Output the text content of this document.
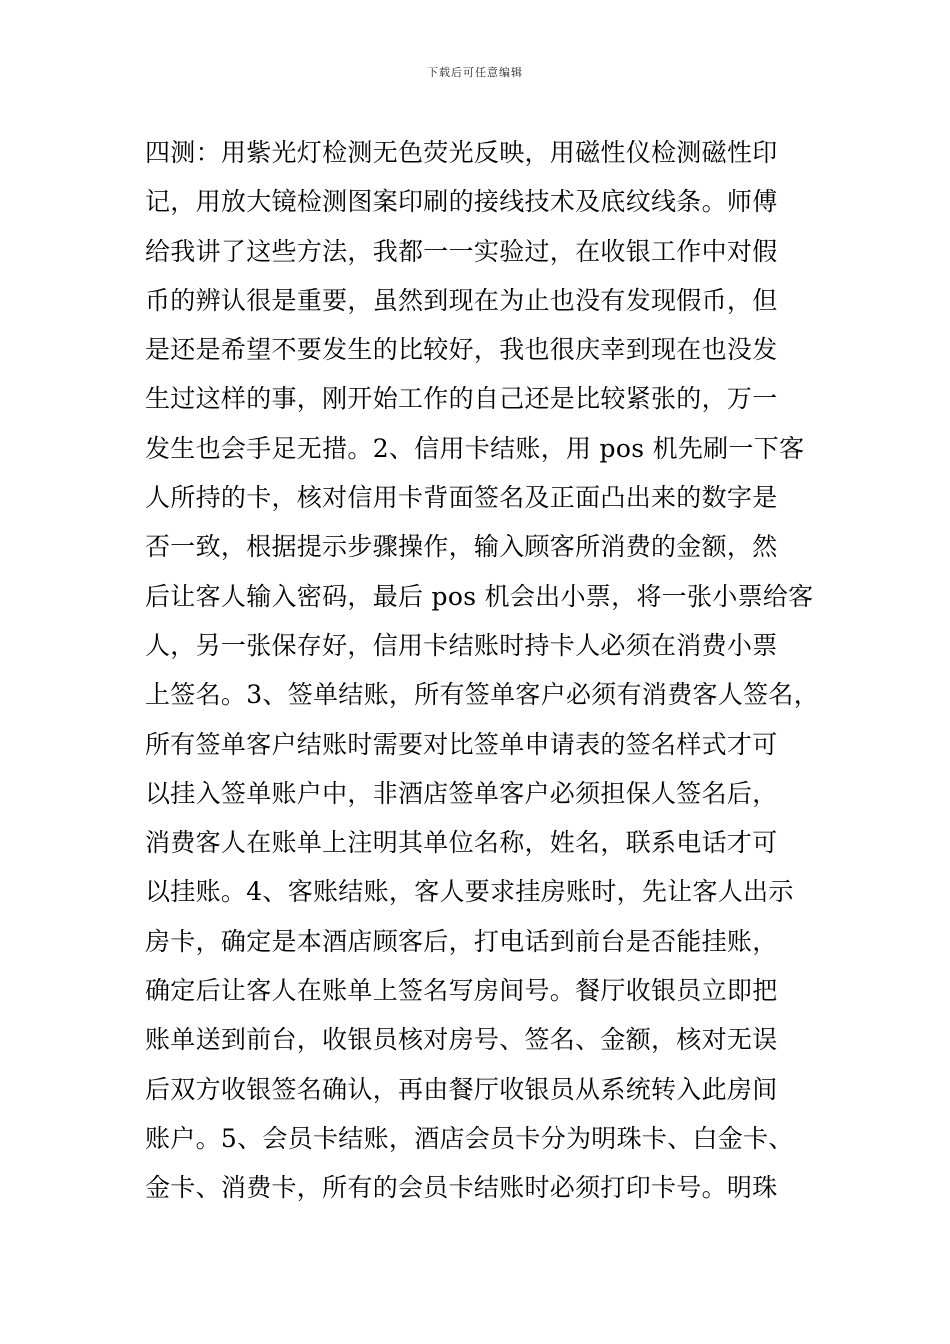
下载后可任意编辑
四测：用紫光灯检测无色荧光反映，用磁性仪检测磁性印
记，用放大镜检测图案印刷的接线技术及底纹线条。师傅
给我讲了这些方法，我都一一实验过，在收银工作中对假
币的辨认很是重要，虽然到现在为止也没有发现假币，但
是还是希望不要发生的比较好，我也很庆幸到现在也没发
生过这样的事，刚开始工作的自己还是比较紧张的，万一
发生也会手足无措。2、信用卡结账，用 pos 机先刷一下客
人所持的卡，核对信用卡背面签名及正面凸出来的数字是
否一致，根据提示步骤操作，输入顾客所消费的金额，然
后让客人输入密码，最后 pos 机会出小票，将一张小票给客
人，另一张保存好，信用卡结账时持卡人必须在消费小票
上签名。3、签单结账，所有签单客户必须有消费客人签名，
所有签单客户结账时需要对比签单申请表的签名样式才可
以挂入签单账户中，非酒店签单客户必须担保人签名后，
消费客人在账单上注明其单位名称，姓名，联系电话才可
以挂账。4、客账结账，客人要求挂房账时，先让客人出示
房卡，确定是本酒店顾客后，打电话到前台是否能挂账，
确定后让客人在账单上签名写房间号。餐厅收银员立即把
账单送到前台，收银员核对房号、签名、金额，核对无误
后双方收银签名确认，再由餐厅收银员从系统转入此房间
账户。5、会员卡结账，酒店会员卡分为明珠卡、白金卡、
金卡、消费卡，所有的会员卡结账时必须打印卡号。明珠
